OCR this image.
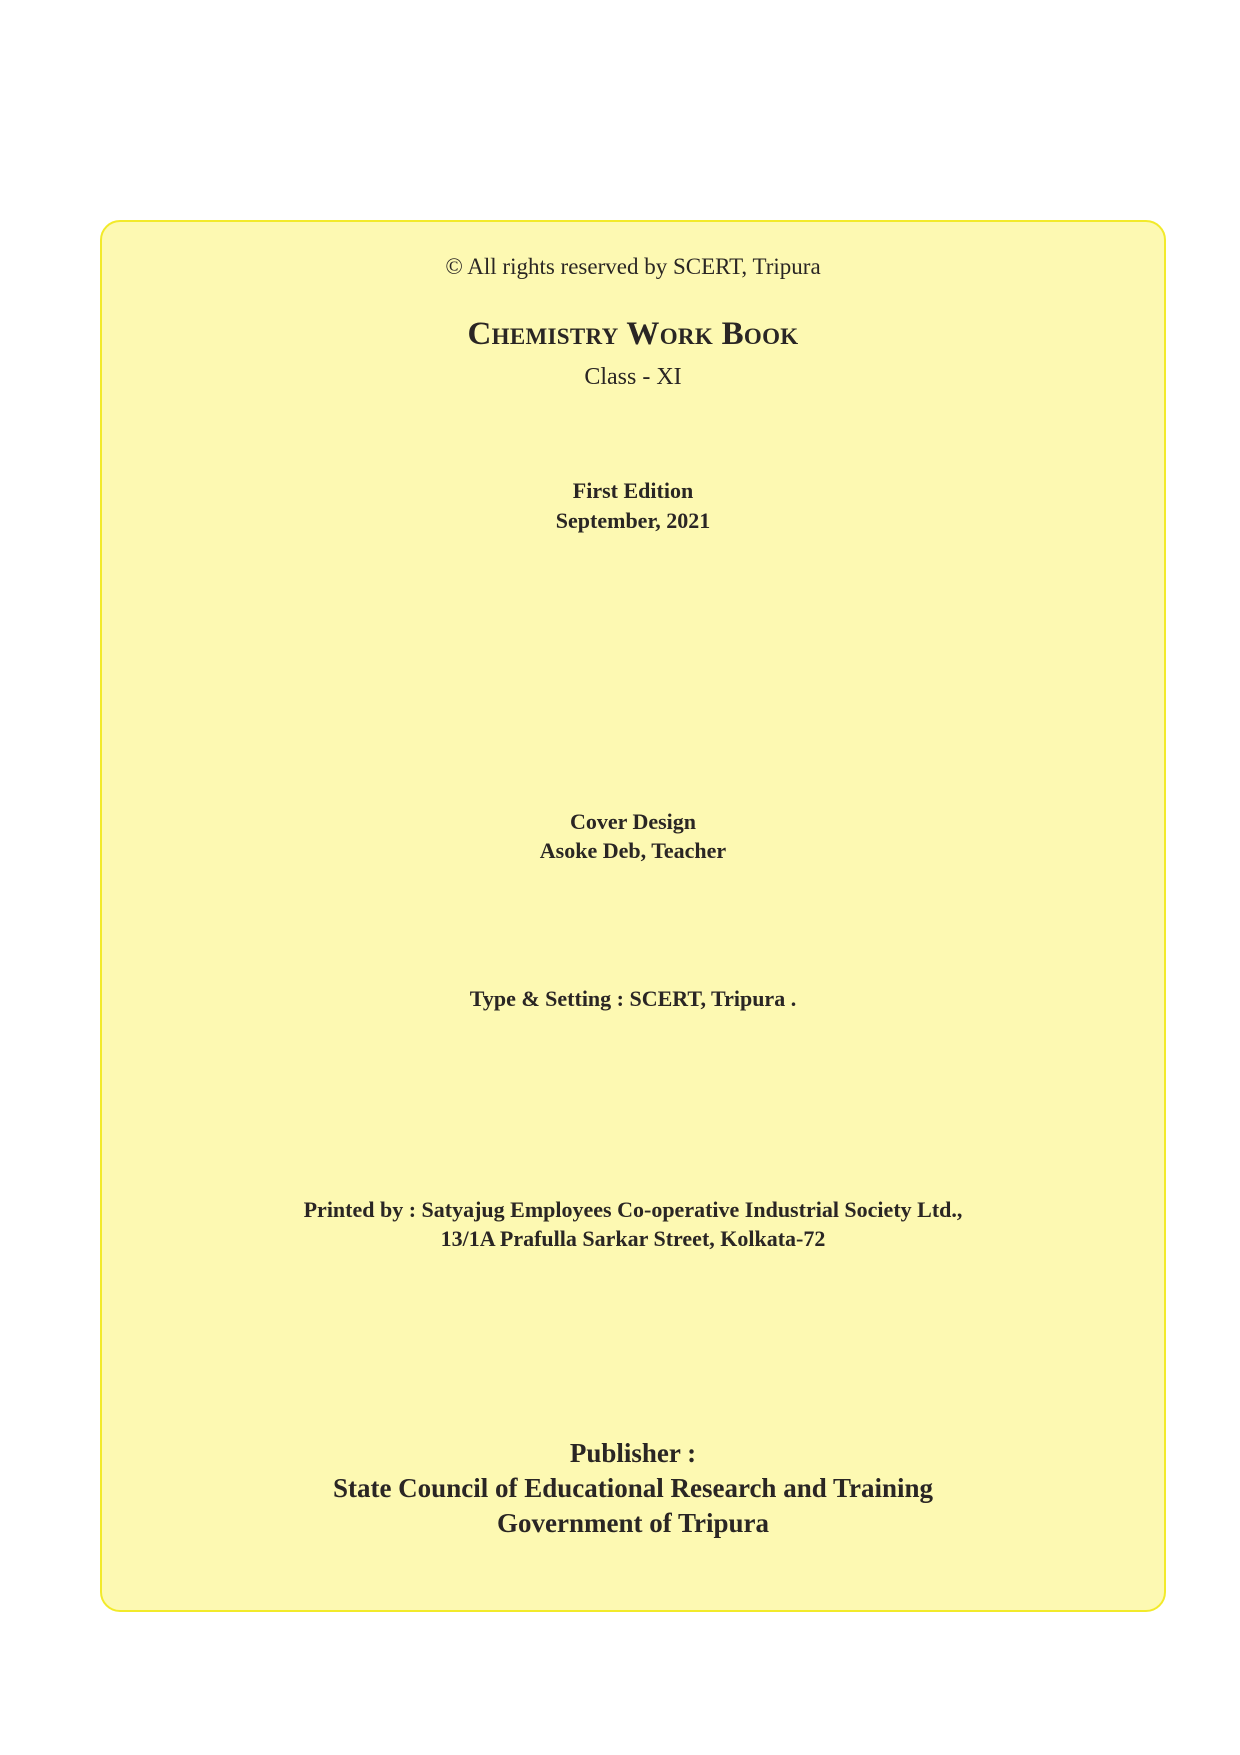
© All rights reserved by SCERT, Tripura
Chemistry Work Book
Class - XI
First Edition
September, 2021
Cover Design
Asoke Deb, Teacher
Type & Setting : SCERT, Tripura .
Printed by : Satyajug Employees Co-operative Industrial Society Ltd.,
13/1A Prafulla Sarkar Street, Kolkata-72
Publisher :
State Council of Educational Research and Training
Government of Tripura
